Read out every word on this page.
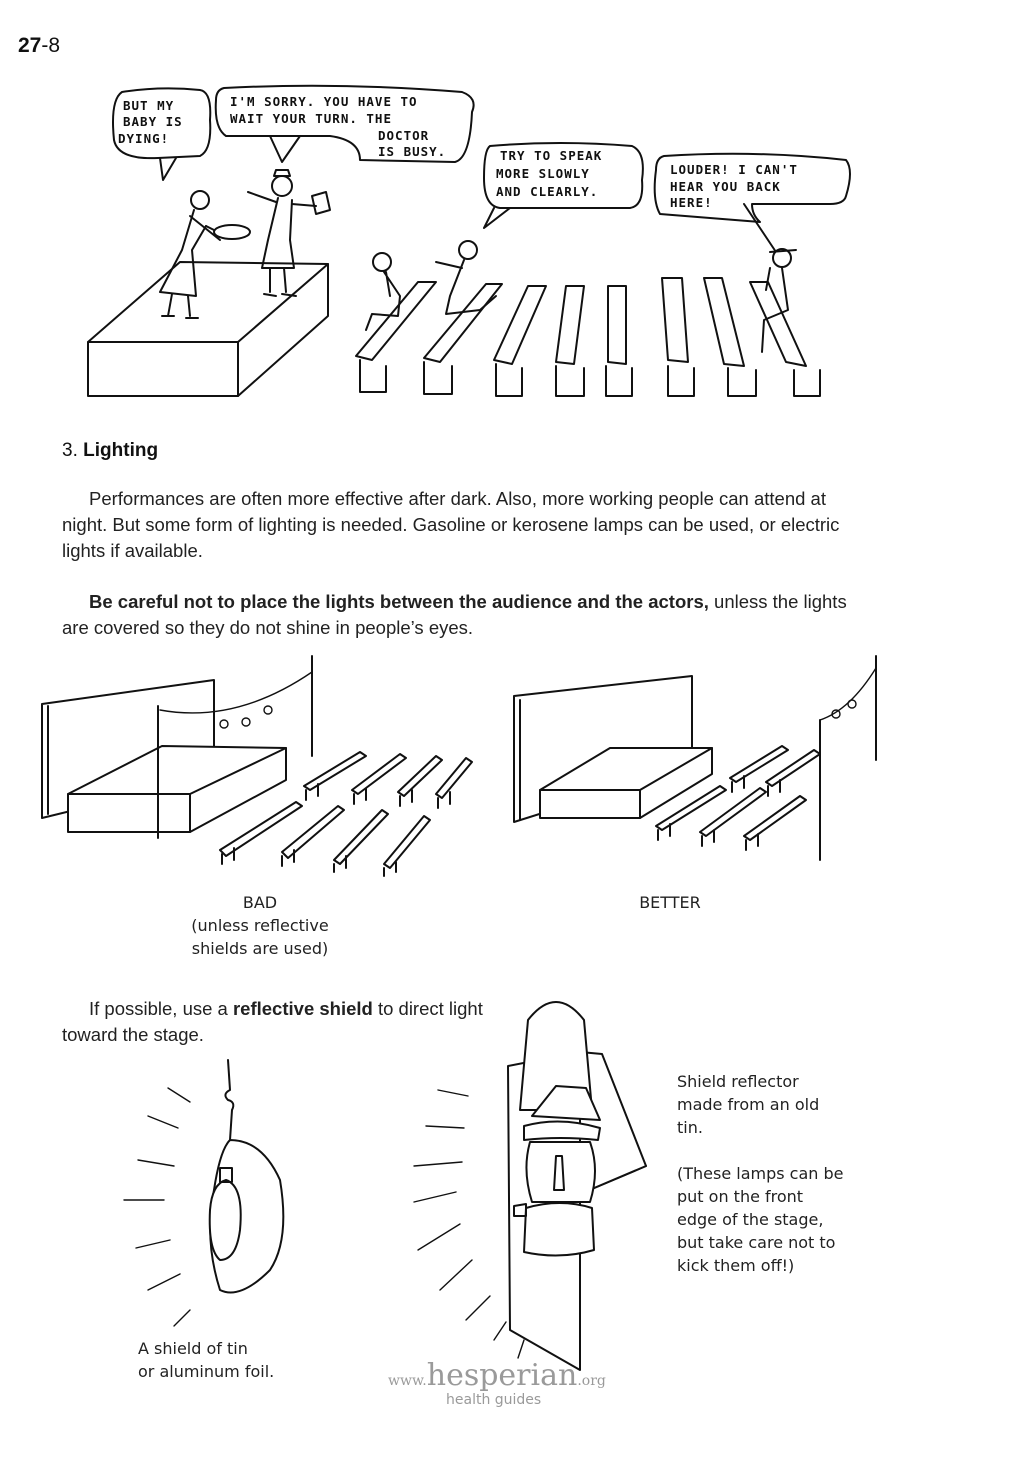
27-8
BUT MY
BABY IS
DYING!
I'M SORRY. YOU HAVE TO
WAIT YOUR TURN. THE
DOCTOR
IS BUSY.	TRY TO SPEAK
MORE SLOWLY
AND CLEARLY.
LOUDER! I CAN'T
HEAR YOU BACK
HERE!
3. Lighting
Performances are often more effective after dark. Also, more working people can attend at night. But some form of lighting is needed. Gasoline or kerosene lamps can be used, or electric lights if available.
Be careful not to place the lights between the audience and the actors, unless the lights are covered so they do not shine in people’s eyes.
BAD
(unless reflective
shields are used)
BETTER
If possible, use a reflective shield to direct light toward the stage.
A shield of tin
or aluminum foil.
Shield reflector
made from an old
tin.
(These lamps can be
put on the front
edge of the stage,
but take care not to
kick them off!)
www.hesperian.org
health guides
